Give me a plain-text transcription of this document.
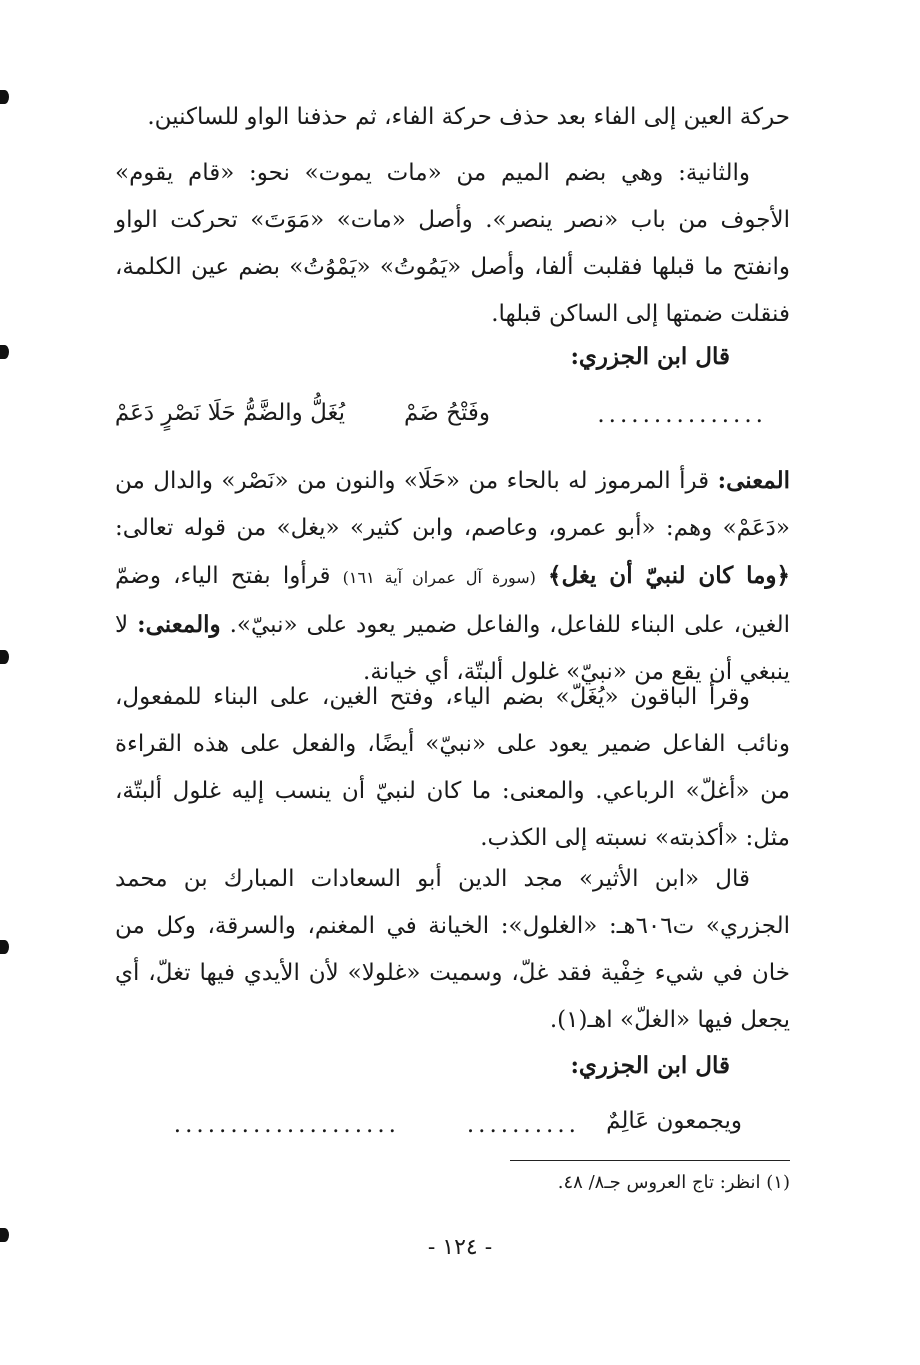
حركة العين إلى الفاء بعد حذف حركة الفاء، ثم حذفنا الواو للساكنين.

والثانية: وهي بضم الميم من «مات يموت» نحو: «قام يقوم» الأجوف من باب «نصر ينصر». وأصل «مات» «مَوَتَ» تحركت الواو وانفتح ما قبلها فقلبت ألفا، وأصل «يَمُوتُ» «يَمْوُتُ» بضم عين الكلمة، فنقلت ضمتها إلى الساكن قبلها.

قال ابن الجزري:
...............
وفَتْحُ ضَمْ
يُغَلُّ والضَّمُّ حَلَا نَصْرٍ دَعَمْ

المعنى: قرأ المرموز له بالحاء من «حَلَا» والنون من «نَصْر» والدال من «دَعَمْ» وهم: «أبو عمرو، وعاصم، وابن كثير» «يغل» من قوله تعالى: ﴿وما كان لنبيّ أن يغل﴾ (سورة آل عمران آية ١٦١) قرأوا بفتح الياء، وضمّ الغين، على البناء للفاعل، والفاعل ضمير يعود على «نبيّ». والمعنى: لا ينبغي أن يقع من «نبيّ» غلول ألبتّة، أي خيانة.

وقرأ الباقون «يُغَلّ» بضم الياء، وفتح الغين، على البناء للمفعول، ونائب الفاعل ضمير يعود على «نبيّ» أيضًا، والفعل على هذه القراءة من «أغلّ» الرباعي. والمعنى: ما كان لنبيّ أن ينسب إليه غلول ألبتّة، مثل: «أكذبته» نسبته إلى الكذب.

قال «ابن الأثير» مجد الدين أبو السعادات المبارك بن محمد الجزري» ت٦٠٦هـ: «الغلول»: الخيانة في المغنم، والسرقة، وكل من خان في شيء خِفْية فقد غلّ، وسميت «غلولا» لأن الأيدي فيها تغلّ، أي يجعل فيها «الغلّ» اهـ(١).

قال ابن الجزري:
ويجمعون عَالِمٌ
..........
....................
(١) انظر: تاج العروس جـ٨/ ٤٨.
- ١٢٤ -
